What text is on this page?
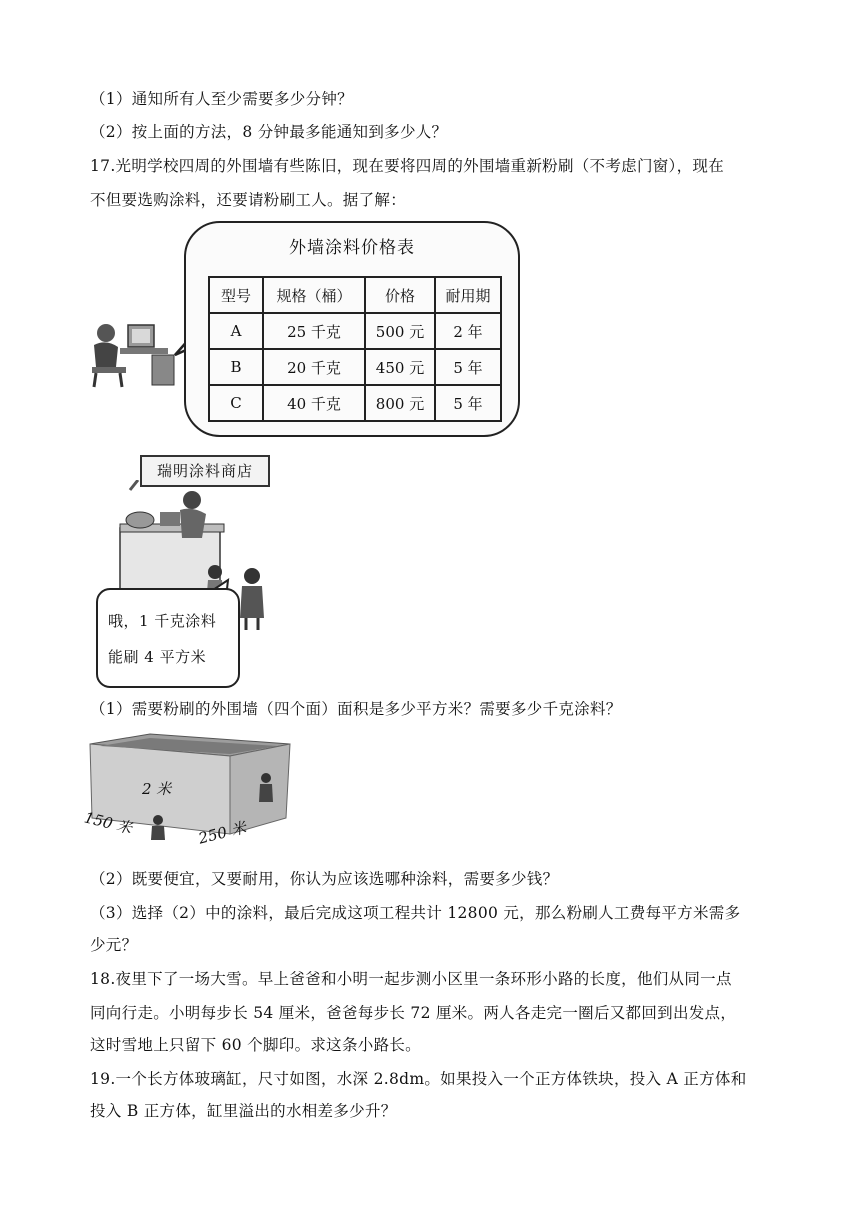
（1）通知所有人至少需要多少分钟？
（2）按上面的方法，8 分钟最多能通知到多少人？
17.光明学校四周的外围墙有些陈旧，现在要将四周的外围墙重新粉刷（不考虑门窗），现在
不但要选购涂料，还要请粉刷工人。据了解：
外墙涂料价格表
型号	规格（桶）	价格	耐用期
A	25 千克	500 元	2 年
B	20 千克	450 元	5 年
C	40 千克	800 元	5 年
瑞明涂料商店
哦，1 千克涂料
能刷 4 平方米
（1）需要粉刷的外围墙（四个面）面积是多少平方米？需要多少千克涂料？
2 米
150 米	250 米
（2）既要便宜，又要耐用，你认为应该选哪种涂料，需要多少钱？
（3）选择（2）中的涂料，最后完成这项工程共计 12800 元，那么粉刷人工费每平方米需多
少元？
18.夜里下了一场大雪。早上爸爸和小明一起步测小区里一条环形小路的长度，他们从同一点
同向行走。小明每步长 54 厘米，爸爸每步长 72 厘米。两人各走完一圈后又都回到出发点，
这时雪地上只留下 60 个脚印。求这条小路长。
19.一个长方体玻璃缸，尺寸如图，水深 2.8dm。如果投入一个正方体铁块，投入 A 正方体和
投入 B 正方体，缸里溢出的水相差多少升？
